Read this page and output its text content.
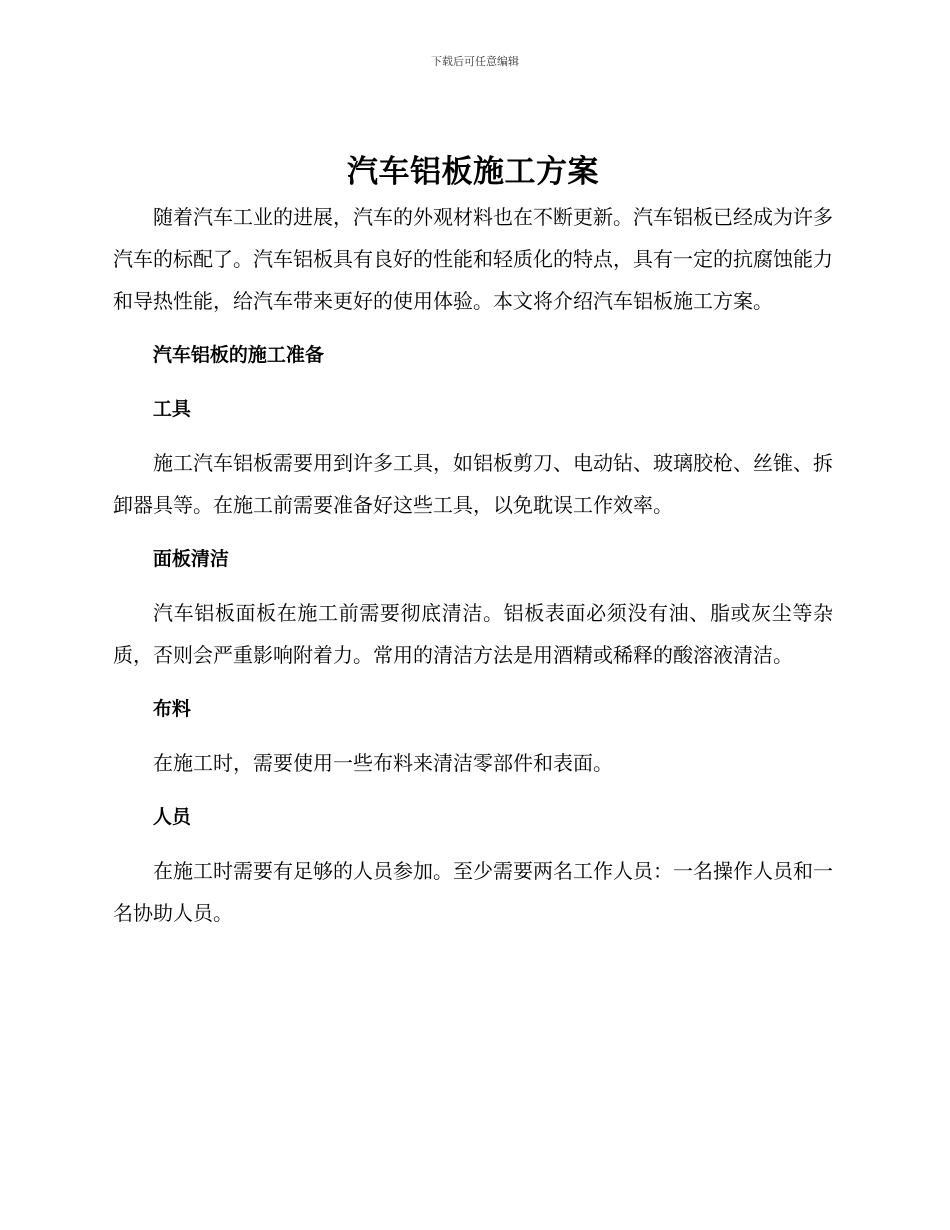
下载后可任意编辑
汽车铝板施工方案

随着汽车工业的进展，汽车的外观材料也在不断更新。汽车铝板已经成为许多汽车的标配了。汽车铝板具有良好的性能和轻质化的特点，具有一定的抗腐蚀能力和导热性能，给汽车带来更好的使用体验。本文将介绍汽车铝板施工方案。

汽车铝板的施工准备
工具

施工汽车铝板需要用到许多工具，如铝板剪刀、电动钻、玻璃胶枪、丝锥、拆卸器具等。在施工前需要准备好这些工具，以免耽误工作效率。

面板清洁

汽车铝板面板在施工前需要彻底清洁。铝板表面必须没有油、脂或灰尘等杂质，否则会严重影响附着力。常用的清洁方法是用酒精或稀释的酸溶液清洁。

布料

在施工时，需要使用一些布料来清洁零部件和表面。

人员

在施工时需要有足够的人员参加。至少需要两名工作人员：一名操作人员和一名协助人员。
